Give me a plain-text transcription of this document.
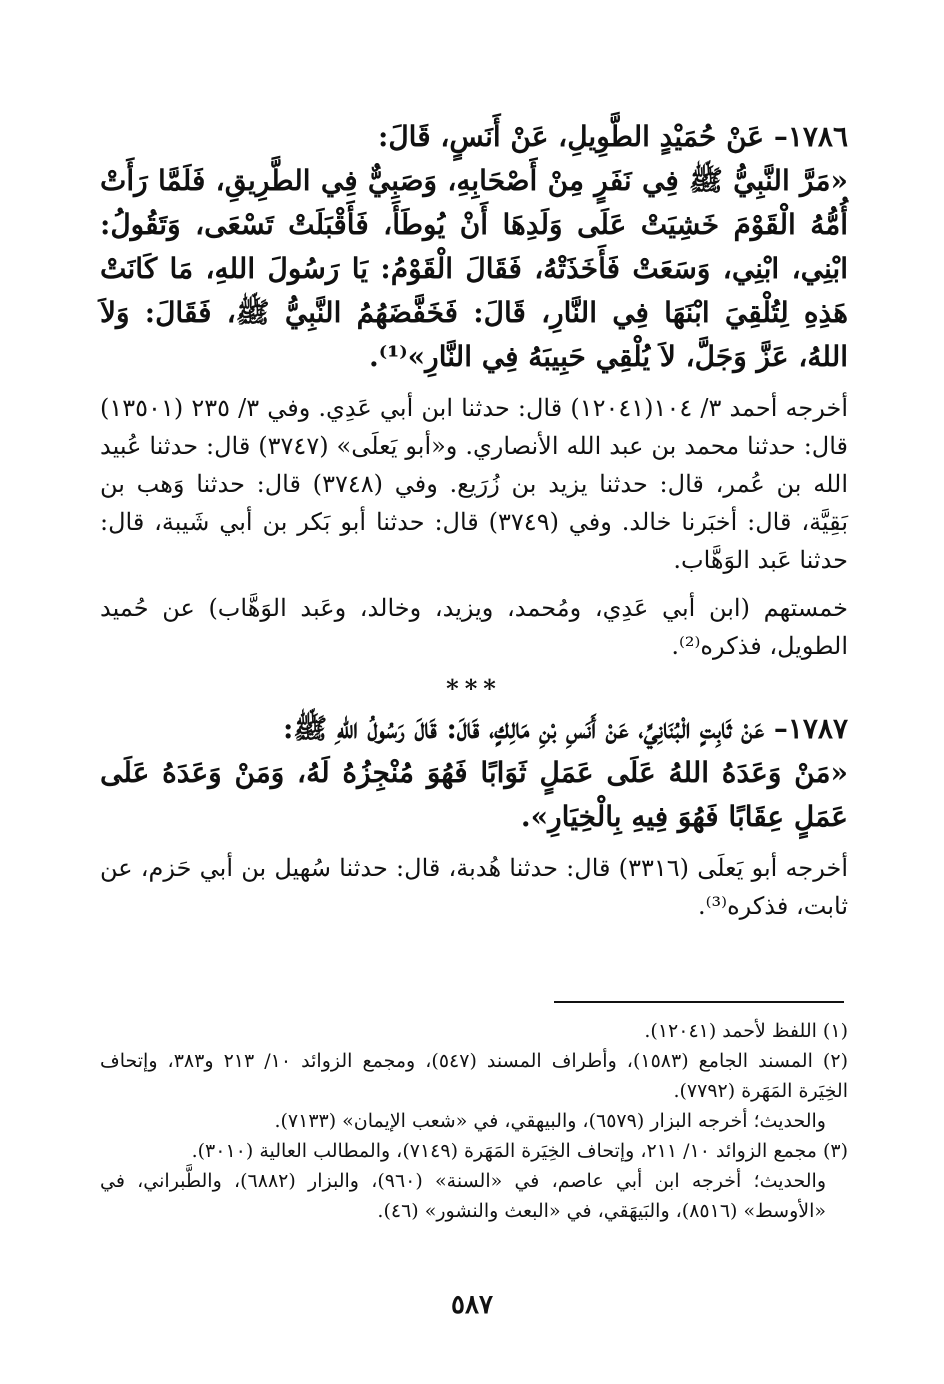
١٧٨٦– عَنْ حُمَيْدٍ الطَّوِيلِ، عَنْ أَنَسٍ، قَالَ:

«مَرَّ النَّبِيُّ ﷺ فِي نَفَرٍ مِنْ أَصْحَابِهِ، وَصَبِيٌّ فِي الطَّرِيقِ، فَلَمَّا رَأَتْ أُمُّهُ الْقَوْمَ خَشِيَتْ عَلَى وَلَدِهَا أَنْ يُوطَأَ، فَأَقْبَلَتْ تَسْعَى، وَتَقُولُ: ابْنِي، ابْنِي، وَسَعَتْ فَأَخَذَتْهُ، فَقَالَ الْقَوْمُ: يَا رَسُولَ اللهِ، مَا كَانَتْ هَذِهِ لِتُلْقِيَ ابْنَهَا فِي النَّارِ، قَالَ: فَخَفَّضَهُمُ النَّبِيُّ ﷺ، فَقَالَ: وَلاَ اللهُ، عَزَّ وَجَلَّ، لاَ يُلْقِي حَبِيبَهُ فِي النَّارِ»⁽¹⁾.

أخرجه أحمد ٣/ ١٠٤(١٢٠٤١) قال: حدثنا ابن أبي عَدِي. وفي ٣/ ٢٣٥ (١٣٥٠١) قال: حدثنا محمد بن عبد الله الأنصاري. و«أبو يَعلَى» (٣٧٤٧) قال: حدثنا عُبيد الله بن عُمر، قال: حدثنا يزيد بن زُرَيع. وفي (٣٧٤٨) قال: حدثنا وَهب بن بَقِيَّة، قال: أخبَرنا خالد. وفي (٣٧٤٩) قال: حدثنا أبو بَكر بن أبي شَيبة، قال: حدثنا عَبد الوَهَّاب.

خمستهم (ابن أبي عَدِي، ومُحمد، ويزيد، وخالد، وعَبد الوَهَّاب) عن حُميد الطويل، فذكره⁽²⁾.

***

١٧٨٧– عَنْ ثَابِتٍ الْبُنَانِيِّ، عَنْ أَنَسِ بْنِ مَالِكٍ، قَالَ: قَالَ رَسُولُ اللهِ ﷺ:

«مَنْ وَعَدَهُ اللهُ عَلَى عَمَلٍ ثَوَابًا فَهُوَ مُنْجِزُهُ لَهُ، وَمَنْ وَعَدَهُ عَلَى عَمَلٍ عِقَابًا فَهُوَ فِيهِ بِالْخِيَارِ».

أخرجه أبو يَعلَى (٣٣١٦) قال: حدثنا هُدبة، قال: حدثنا سُهيل بن أبي حَزم، عن ثابت، فذكره⁽³⁾.

(١) اللفظ لأحمد (١٢٠٤١).

(٢) المسند الجامع (١٥٨٣)، وأطراف المسند (٥٤٧)، ومجمع الزوائد ١٠/ ٢١٣ و٣٨٣، وإتحاف الخِيَرة المَهَرة (٧٧٩٢).

والحديث؛ أخرجه البزار (٦٥٧٩)، والبيهقي، في «شعب الإيمان» (٧١٣٣).

(٣) مجمع الزوائد ١٠/ ٢١١، وإتحاف الخِيَرة المَهَرة (٧١٤٩)، والمطالب العالية (٣٠١٠).

والحديث؛ أخرجه ابن أبي عاصم، في «السنة» (٩٦٠)، والبزار (٦٨٨٢)، والطَّبراني، في «الأوسط» (٨٥١٦)، والبَيهَقي، في «البعث والنشور» (٤٦).

٥٨٧
